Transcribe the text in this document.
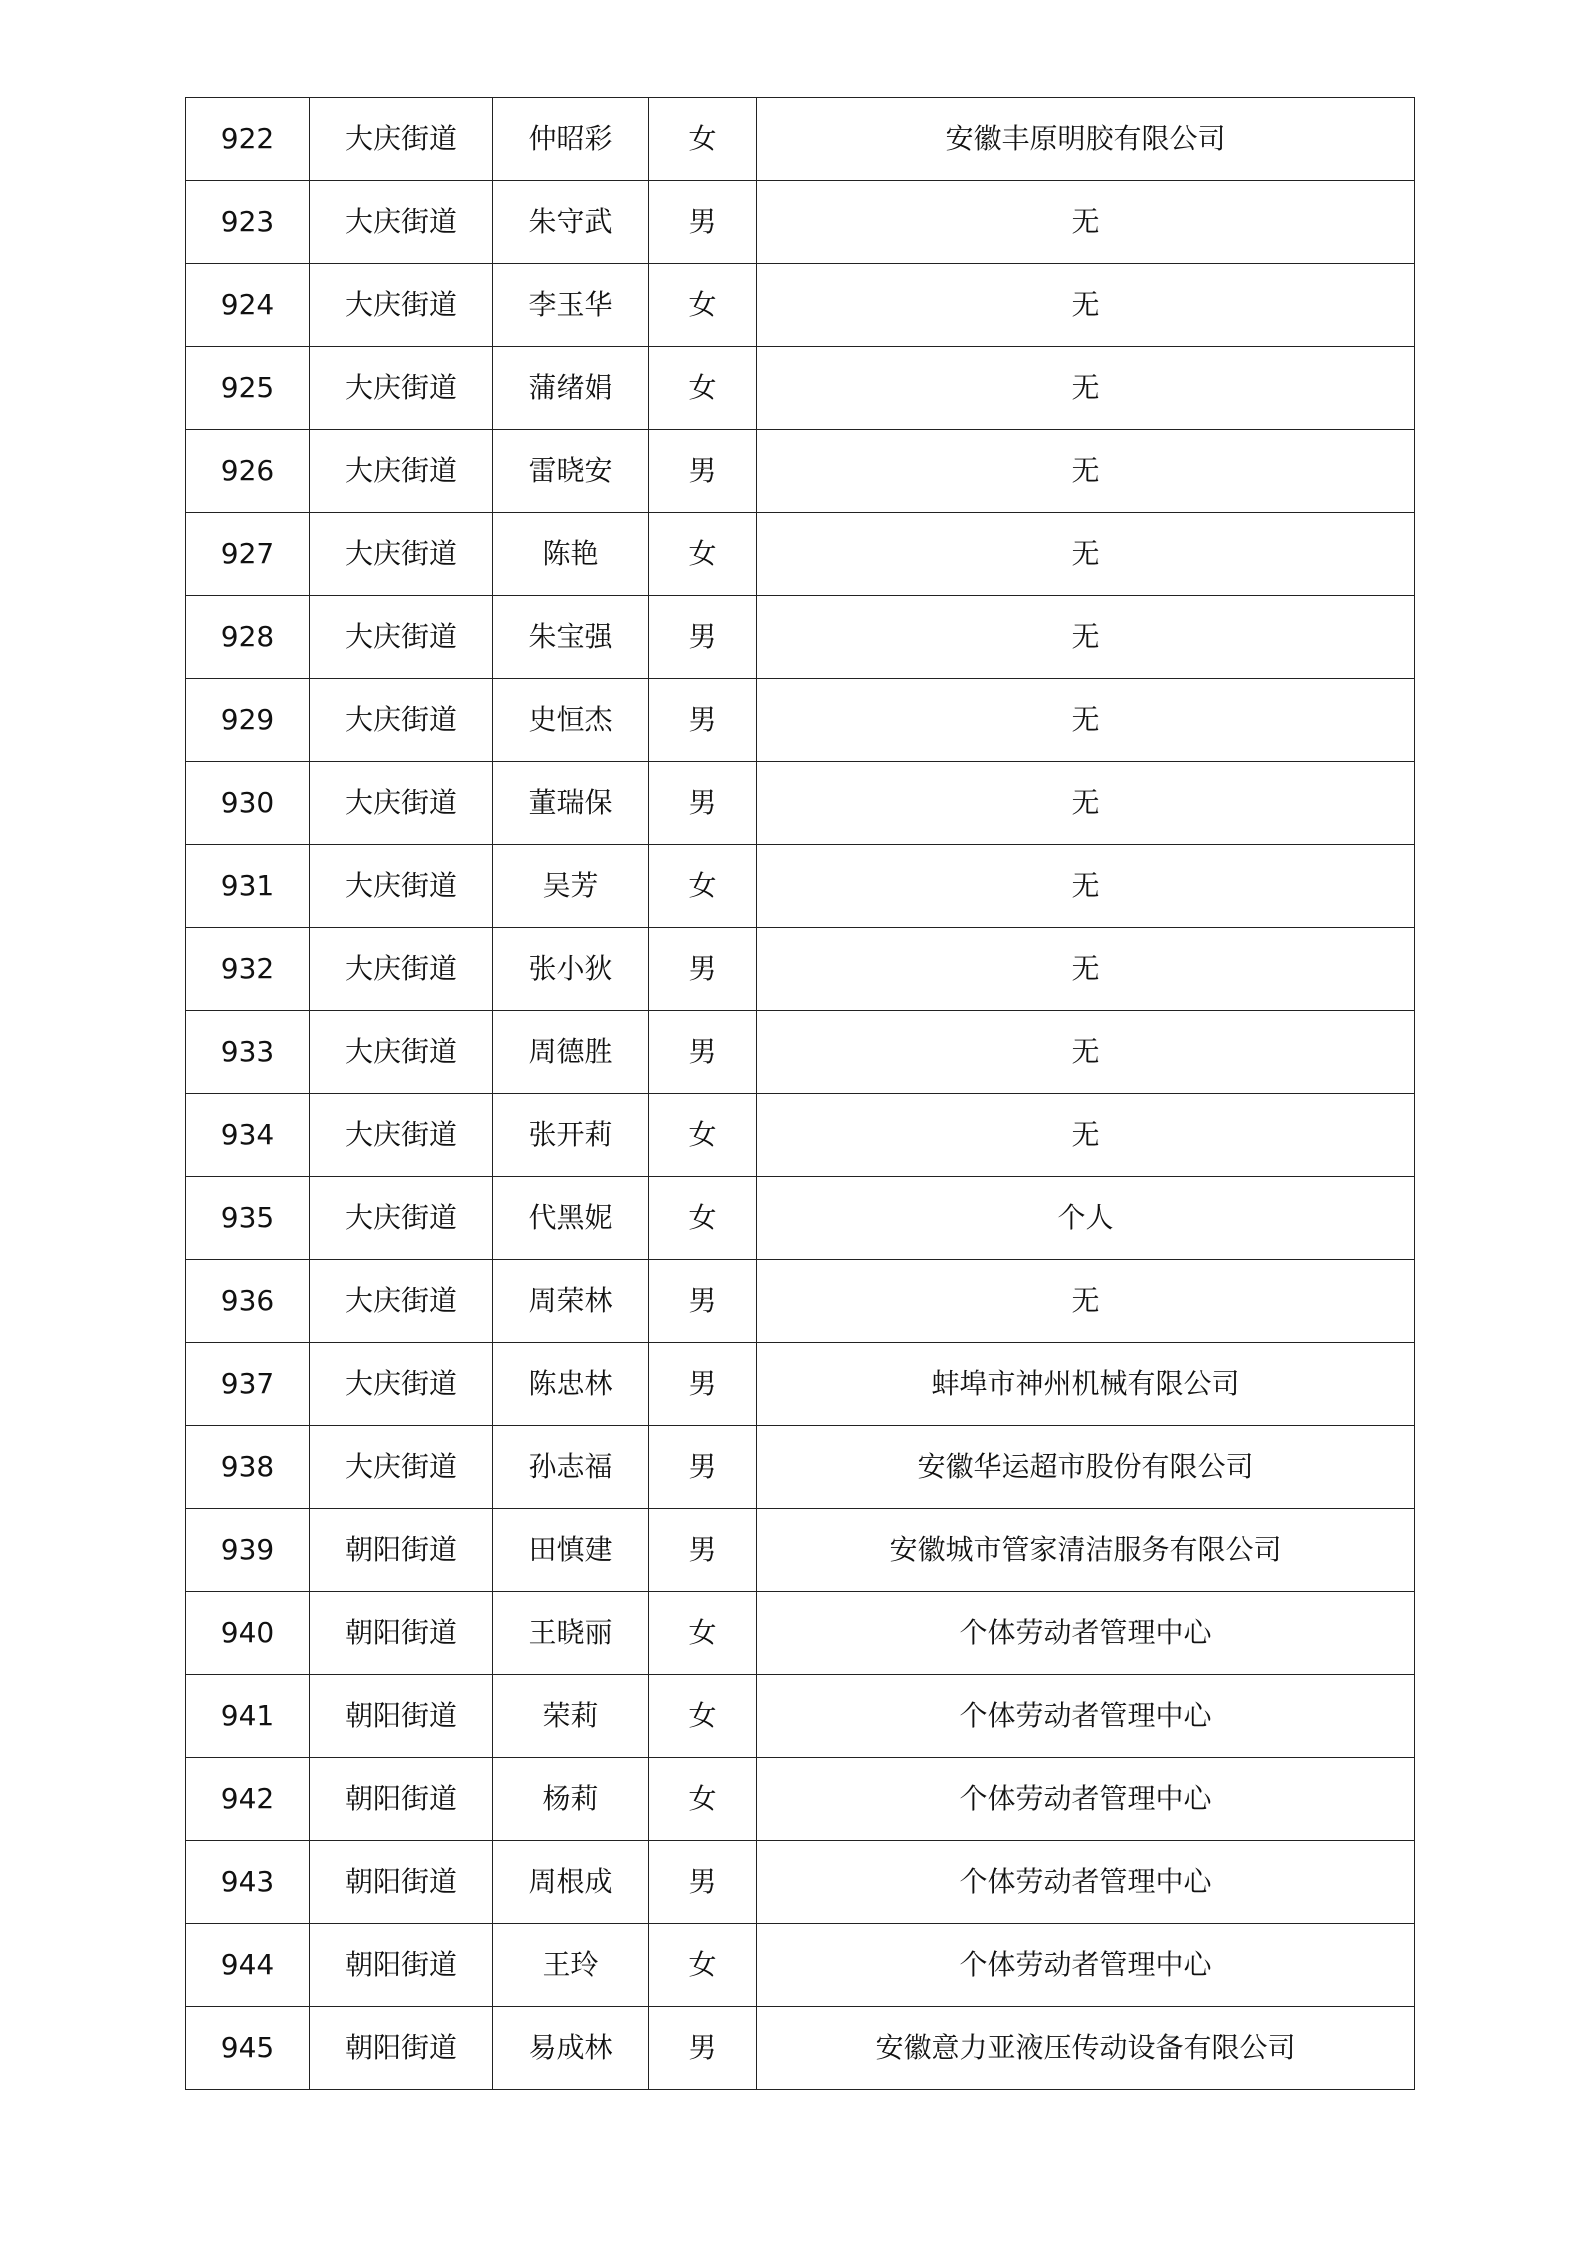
922	大庆街道	仲昭彩	女	安徽丰原明胶有限公司
923	大庆街道	朱守武	男	无
924	大庆街道	李玉华	女	无
925	大庆街道	蒲绪娟	女	无
926	大庆街道	雷晓安	男	无
927	大庆街道	陈艳	女	无
928	大庆街道	朱宝强	男	无
929	大庆街道	史恒杰	男	无
930	大庆街道	董瑞保	男	无
931	大庆街道	吴芳	女	无
932	大庆街道	张小狄	男	无
933	大庆街道	周德胜	男	无
934	大庆街道	张开莉	女	无
935	大庆街道	代黑妮	女	个人
936	大庆街道	周荣林	男	无
937	大庆街道	陈忠林	男	蚌埠市神州机械有限公司
938	大庆街道	孙志福	男	安徽华运超市股份有限公司
939	朝阳街道	田慎建	男	安徽城市管家清洁服务有限公司
940	朝阳街道	王晓丽	女	个体劳动者管理中心
941	朝阳街道	荣莉	女	个体劳动者管理中心
942	朝阳街道	杨莉	女	个体劳动者管理中心
943	朝阳街道	周根成	男	个体劳动者管理中心
944	朝阳街道	王玲	女	个体劳动者管理中心
945	朝阳街道	易成林	男	安徽意力亚液压传动设备有限公司
